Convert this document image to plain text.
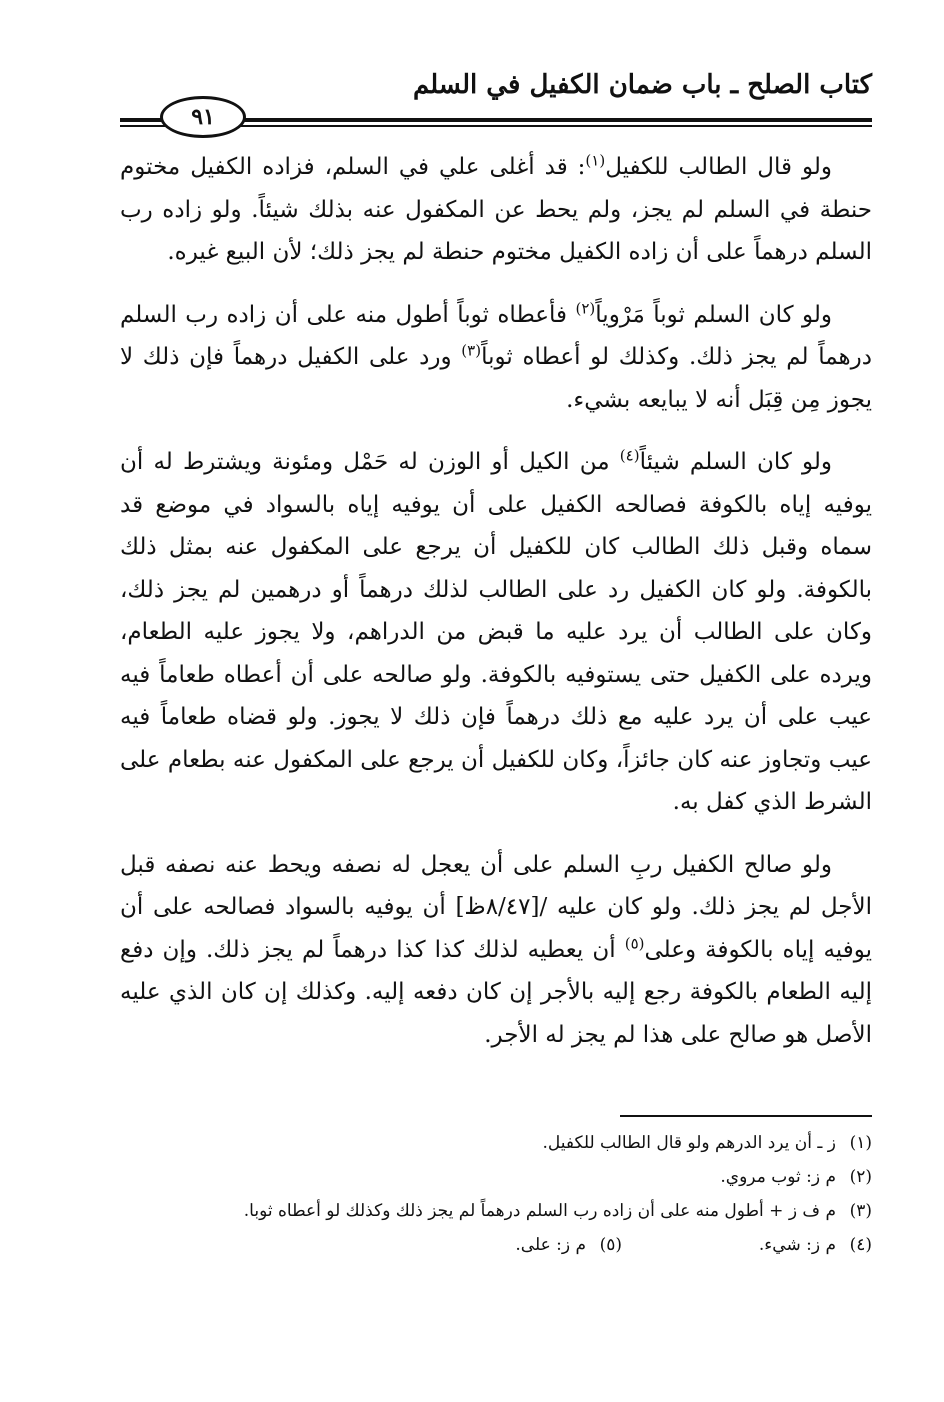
كتاب الصلح ـ باب ضمان الكفيل في السلم
٩١

ولو قال الطالب للكفيل$^{(١)}$: قد أغلى علي في السلم، فزاده الكفيل مختوم حنطة في السلم لم يجز، ولم يحط عن المكفول عنه بذلك شيئاً. ولو زاده رب السلم درهماً على أن زاده الكفيل مختوم حنطة لم يجز ذلك؛ لأن البيع غيره.

ولو كان السلم ثوباً مَرْوياً$^{(٢)}$ فأعطاه ثوباً أطول منه على أن زاده رب السلم درهماً لم يجز ذلك. وكذلك لو أعطاه ثوباً$^{(٣)}$ ورد على الكفيل درهماً فإن ذلك لا يجوز مِن قِبَل أنه لا يبايعه بشيء.

ولو كان السلم شيئاً$^{(٤)}$ من الكيل أو الوزن له حَمْل ومئونة ويشترط له أن يوفيه إياه بالكوفة فصالحه الكفيل على أن يوفيه إياه بالسواد في موضع قد سماه وقبل ذلك الطالب كان للكفيل أن يرجع على المكفول عنه بمثل ذلك بالكوفة. ولو كان الكفيل رد على الطالب لذلك درهماً أو درهمين لم يجز ذلك، وكان على الطالب أن يرد عليه ما قبض من الدراهم، ولا يجوز عليه الطعام، ويرده على الكفيل حتى يستوفيه بالكوفة. ولو صالحه على أن أعطاه طعاماً فيه عيب على أن يرد عليه مع ذلك درهماً فإن ذلك لا يجوز. ولو قضاه طعاماً فيه عيب وتجاوز عنه كان جائزاً، وكان للكفيل أن يرجع على المكفول عنه بطعام على الشرط الذي كفل به.

ولو صالح الكفيل ربِ السلم على أن يعجل له نصفه ويحط عنه نصفه قبل الأجل لم يجز ذلك. ولو كان عليه /[٨/٤٧ظ] أن يوفيه بالسواد فصالحه على أن يوفيه إياه بالكوفة وعلى$^{(٥)}$ أن يعطيه لذلك كذا كذا درهماً لم يجز ذلك. وإن دفع إليه الطعام بالكوفة رجع إليه بالأجر إن كان دفعه إليه. وكذلك إن كان الذي عليه الأصل هو صالح على هذا لم يجز له الأجر.

(١)
ز ـ أن يرد الدرهم ولو قال الطالب للكفيل.
(٢)
م ز: ثوب مروي.
(٣)
م ف ز + أطول منه على أن زاده رب السلم درهماً لم يجز ذلك وكذلك لو أعطاه ثوبا.
(٤)
م ز: شيء.
(٥)
م ز: على.
